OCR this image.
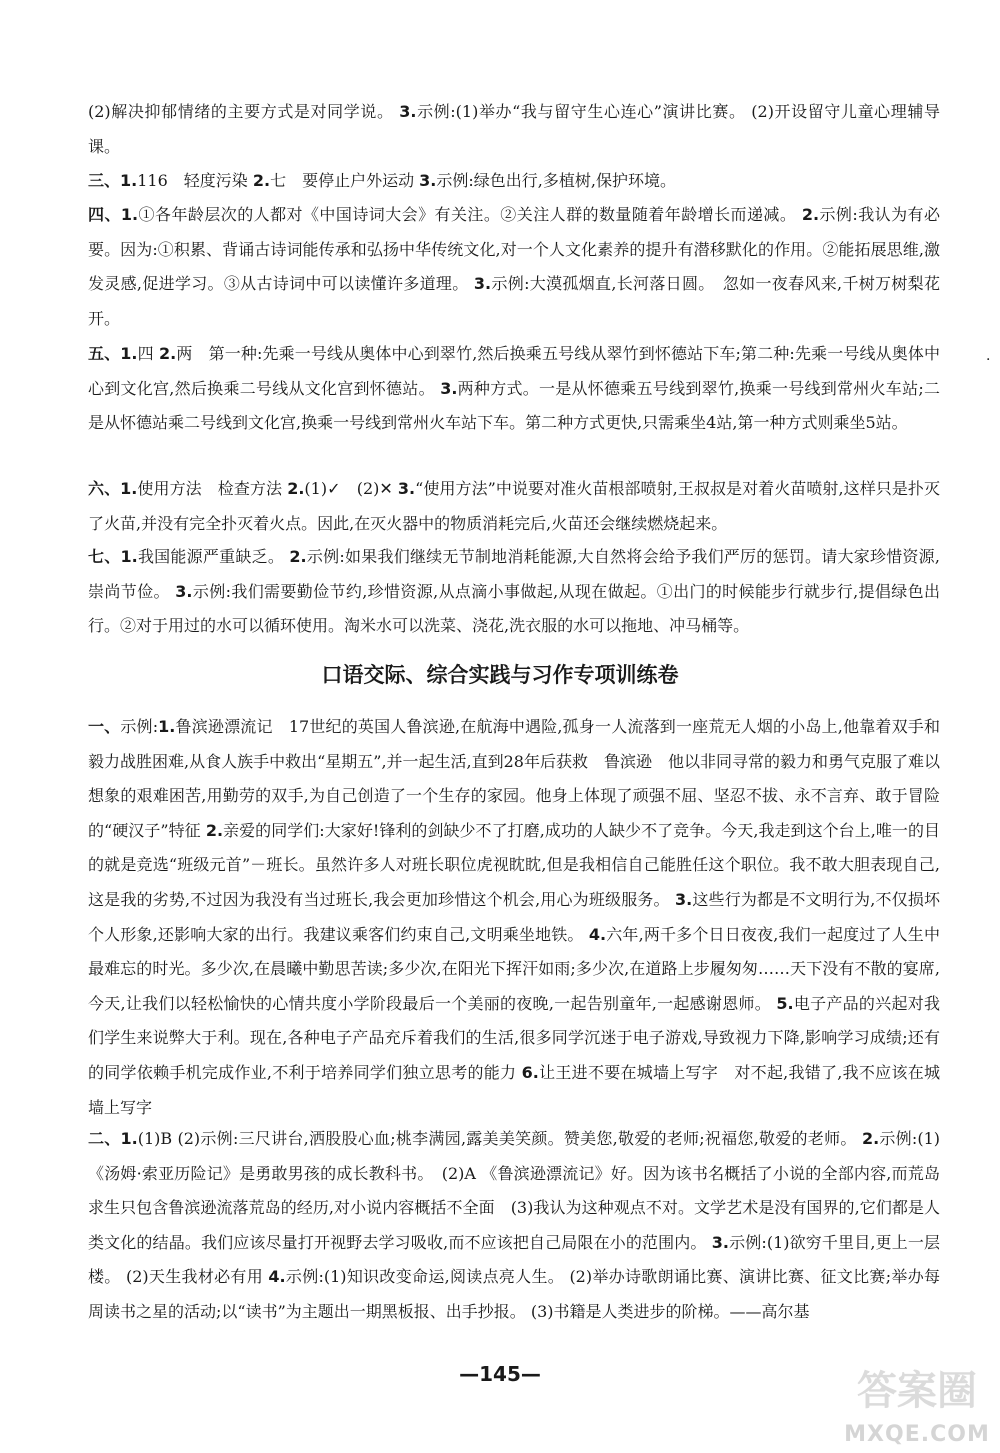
(2)解决抑郁情绪的主要方式是对同学说。 3.示例:(1)举办“我与留守生心连心”演讲比赛。 (2)开设留守儿童心理辅导课。

三、1.116　轻度污染 2.七　要停止户外运动 3.示例:绿色出行,多植树,保护环境。

四、1.①各年龄层次的人都对《中国诗词大会》有关注。②关注人群的数量随着年龄增长而递减。 2.示例:我认为有必要。因为:①积累、背诵古诗词能传承和弘扬中华传统文化,对一个人文化素养的提升有潜移默化的作用。②能拓展思维,激发灵感,促进学习。③从古诗词中可以读懂许多道理。 3.示例:大漠孤烟直,长河落日圆。　忽如一夜春风来,千树万树梨花开。

五、1.四 2.两　第一种:先乘一号线从奥体中心到翠竹,然后换乘五号线从翠竹到怀德站下车;第二种:先乘一号线从奥体中心到文化宫,然后换乘二号线从文化宫到怀德站。 3.两种方式。一是从怀德乘五号线到翠竹,换乘一号线到常州火车站;二是从怀德站乘二号线到文化宫,换乘一号线到常州火车站下车。第二种方式更快,只需乘坐4站,第一种方式则乘坐5站。

六、1.使用方法　检查方法 2.(1)✓　(2)✕ 3.“使用方法”中说要对准火苗根部喷射,王叔叔是对着火苗喷射,这样只是扑灭了火苗,并没有完全扑灭着火点。因此,在灭火器中的物质消耗完后,火苗还会继续燃烧起来。

七、1.我国能源严重缺乏。 2.示例:如果我们继续无节制地消耗能源,大自然将会给予我们严厉的惩罚。请大家珍惜资源,崇尚节俭。 3.示例:我们需要勤俭节约,珍惜资源,从点滴小事做起,从现在做起。①出门的时候能步行就步行,提倡绿色出行。②对于用过的水可以循环使用。淘米水可以洗菜、浇花,洗衣服的水可以拖地、冲马桶等。

口语交际、综合实践与习作专项训练卷

一、示例:1.鲁滨逊漂流记　17世纪的英国人鲁滨逊,在航海中遇险,孤身一人流落到一座荒无人烟的小岛上,他靠着双手和毅力战胜困难,从食人族手中救出“星期五”,并一起生活,直到28年后获救　鲁滨逊　他以非同寻常的毅力和勇气克服了难以想象的艰难困苦,用勤劳的双手,为自己创造了一个生存的家园。他身上体现了顽强不屈、坚忍不拔、永不言弃、敢于冒险的“硬汉子”特征 2.亲爱的同学们:大家好!锋利的剑缺少不了打磨,成功的人缺少不了竞争。今天,我走到这个台上,唯一的目的就是竞选“班级元首”－班长。虽然许多人对班长职位虎视眈眈,但是我相信自己能胜任这个职位。我不敢大胆表现自己,这是我的劣势,不过因为我没有当过班长,我会更加珍惜这个机会,用心为班级服务。 3.这些行为都是不文明行为,不仅损坏个人形象,还影响大家的出行。我建议乘客们约束自己,文明乘坐地铁。 4.六年,两千多个日日夜夜,我们一起度过了人生中最难忘的时光。多少次,在晨曦中勤思苦读;多少次,在阳光下挥汗如雨;多少次,在道路上步履匆匆……天下没有不散的宴席,今天,让我们以轻松愉快的心情共度小学阶段最后一个美丽的夜晚,一起告别童年,一起感谢恩师。 5.电子产品的兴起对我们学生来说弊大于利。现在,各种电子产品充斥着我们的生活,很多同学沉迷于电子游戏,导致视力下降,影响学习成绩;还有的同学依赖手机完成作业,不利于培养同学们独立思考的能力 6.让王进不要在城墙上写字　对不起,我错了,我不应该在城墙上写字

二、1.(1)B (2)示例:三尺讲台,洒股股心血;桃李满园,露美美笑颜。赞美您,敬爱的老师;祝福您,敬爱的老师。 2.示例:(1)《汤姆·索亚历险记》是勇敢男孩的成长教科书。　(2)A 《鲁滨逊漂流记》好。因为该书名概括了小说的全部内容,而荒岛求生只包含鲁滨逊流落荒岛的经历,对小说内容概括不全面　(3)我认为这种观点不对。文学艺术是没有国界的,它们都是人类文化的结晶。我们应该尽量打开视野去学习吸收,而不应该把自己局限在小的范围内。 3.示例:(1)欲穷千里目,更上一层楼。 (2)天生我材必有用 4.示例:(1)知识改变命运,阅读点亮人生。 (2)举办诗歌朗诵比赛、演讲比赛、征文比赛;举办每周读书之星的活动;以“读书”为主题出一期黑板报、出手抄报。 (3)书籍是人类进步的阶梯。——高尔基

·
—145—	答案圈
MXQE.COM
